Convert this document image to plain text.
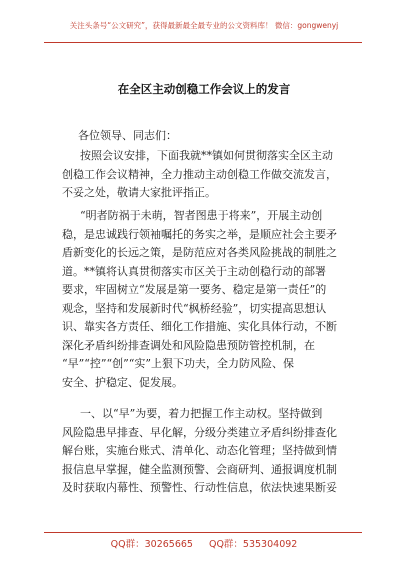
关注头条号“公文研究”，获得最新最全最专业的公文资料库！ 微信：gongwenyj
在全区主动创稳工作会议上的发言
各位领导、同志们：
按照会议安排，下面我就**镇如何贯彻落实全区主动
创稳工作会议精神，全力推动主动创稳工作做交流发言，
不妥之处，敬请大家批评指正。
“明者防祸于未萌，智者图患于将来”，开展主动创
稳，是忠诚践行领袖嘱托的务实之举，是顺应社会主要矛
盾新变化的长远之策，是防范应对各类风险挑战的制胜之
道。**镇将认真贯彻落实市区关于主动创稳行动的部署
要求，牢固树立“发展是第一要务、稳定是第一责任”的
观念，坚持和发展新时代“枫桥经验”，切实提高思想认
识、靠实各方责任、细化工作措施、实化具体行动，不断
深化矛盾纠纷排查调处和风险隐患预防管控机制，在
“早”“控”“创”“实”上狠下功夫，全力防风险、保
安全、护稳定、促发展。
一、以“早”为要，着力把握工作主动权。坚持做到
风险隐患早排查、早化解，分级分类建立矛盾纠纷排查化
解台账，实施台账式、清单化、动态化管理；坚持做到情
报信息早掌握，健全监测预警、会商研判、通报调度机制
及时获取内幕性、预警性、行动性信息，依法快速果断妥
QQ群：30265665 QQ群：535304092
